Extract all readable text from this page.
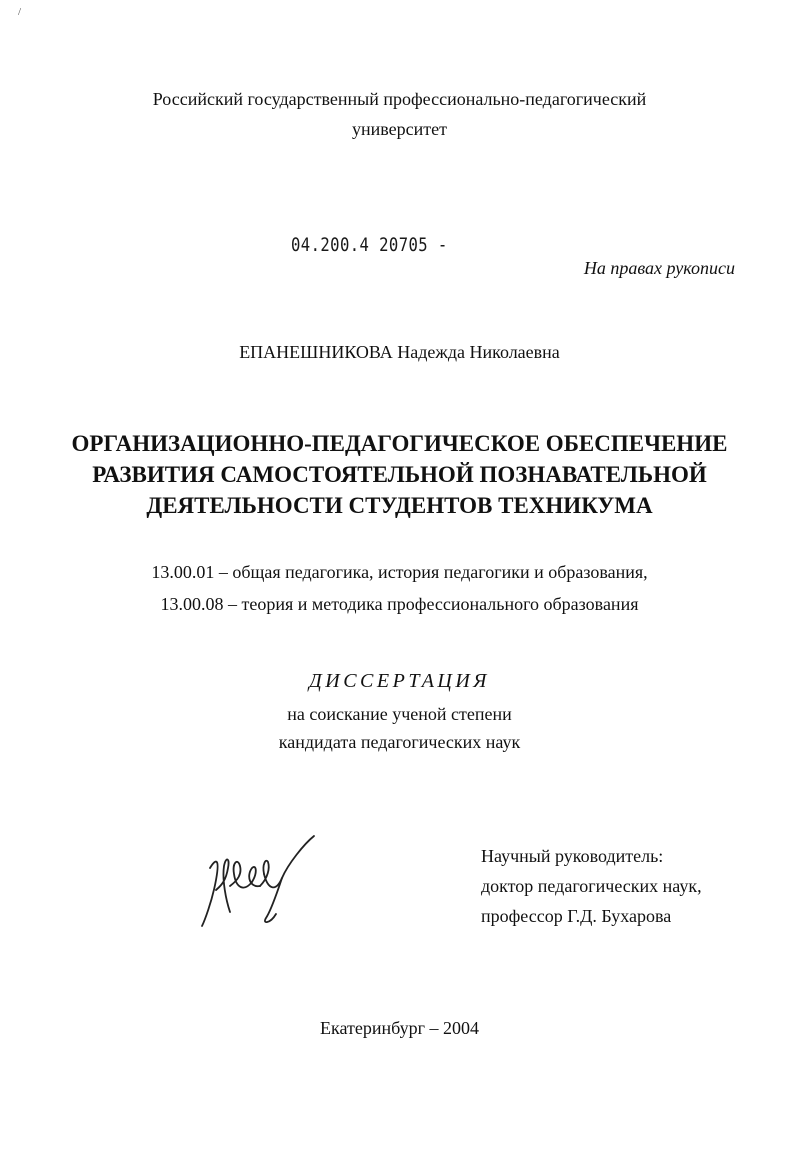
/
Российский государственный профессионально-педагогический
университет
04.200.4 20705 -
На правах рукописи
ЕПАНЕШНИКОВА Надежда Николаевна
ОРГАНИЗАЦИОННО-ПЕДАГОГИЧЕСКОЕ ОБЕСПЕЧЕНИЕ
РАЗВИТИЯ САМОСТОЯТЕЛЬНОЙ ПОЗНАВАТЕЛЬНОЙ
ДЕЯТЕЛЬНОСТИ СТУДЕНТОВ ТЕХНИКУМА
13.00.01 – общая педагогика, история педагогики и образования,
13.00.08 – теория и методика профессионального образования
ДИССЕРТАЦИЯ
на соискание ученой степени
кандидата педагогических наук
Научный руководитель:
доктор педагогических наук,
профессор Г.Д. Бухарова
Екатеринбург – 2004
